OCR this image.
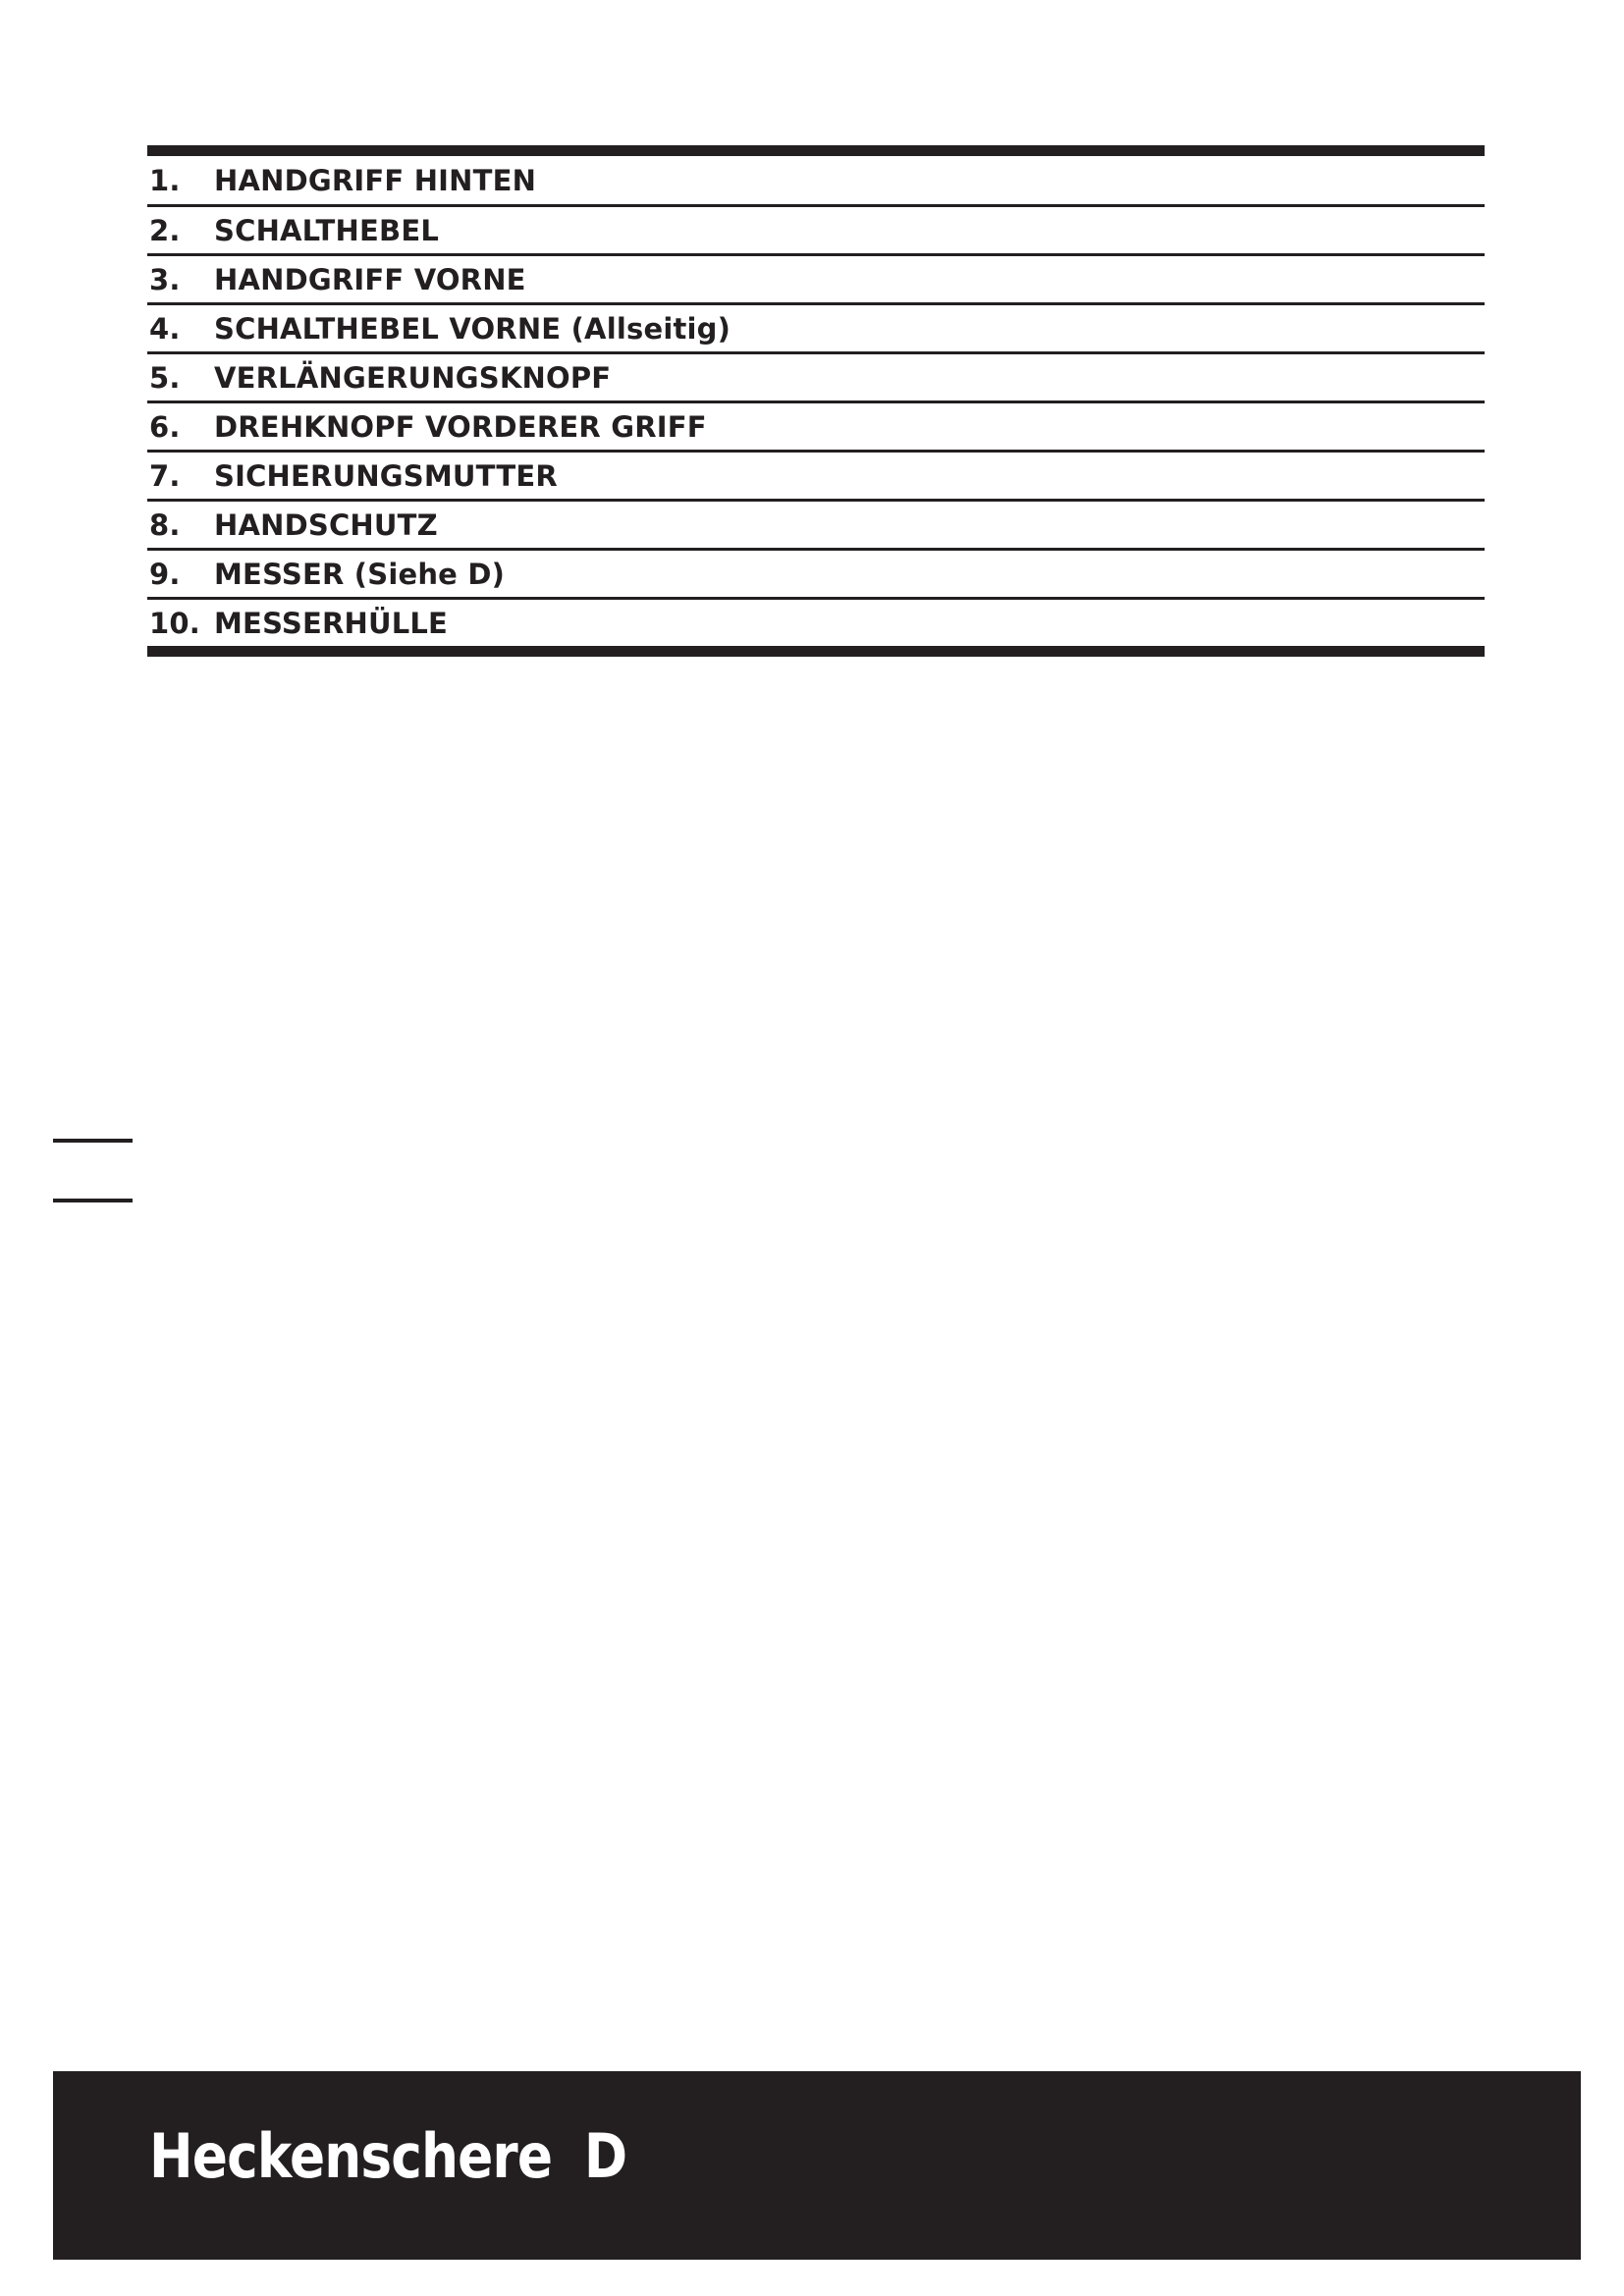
1.	HANDGRIFF HINTEN
2.	SCHALTHEBEL
3.	HANDGRIFF VORNE
4.	SCHALTHEBEL VORNE (Allseitig)
5.	VERLÄNGERUNGSKNOPF
6.	DREHKNOPF VORDERER GRIFF
7.	SICHERUNGSMUTTER
8.	HANDSCHUTZ
9.	MESSER (Siehe D)
10. MESSERHÜLLE
Heckenschere D
